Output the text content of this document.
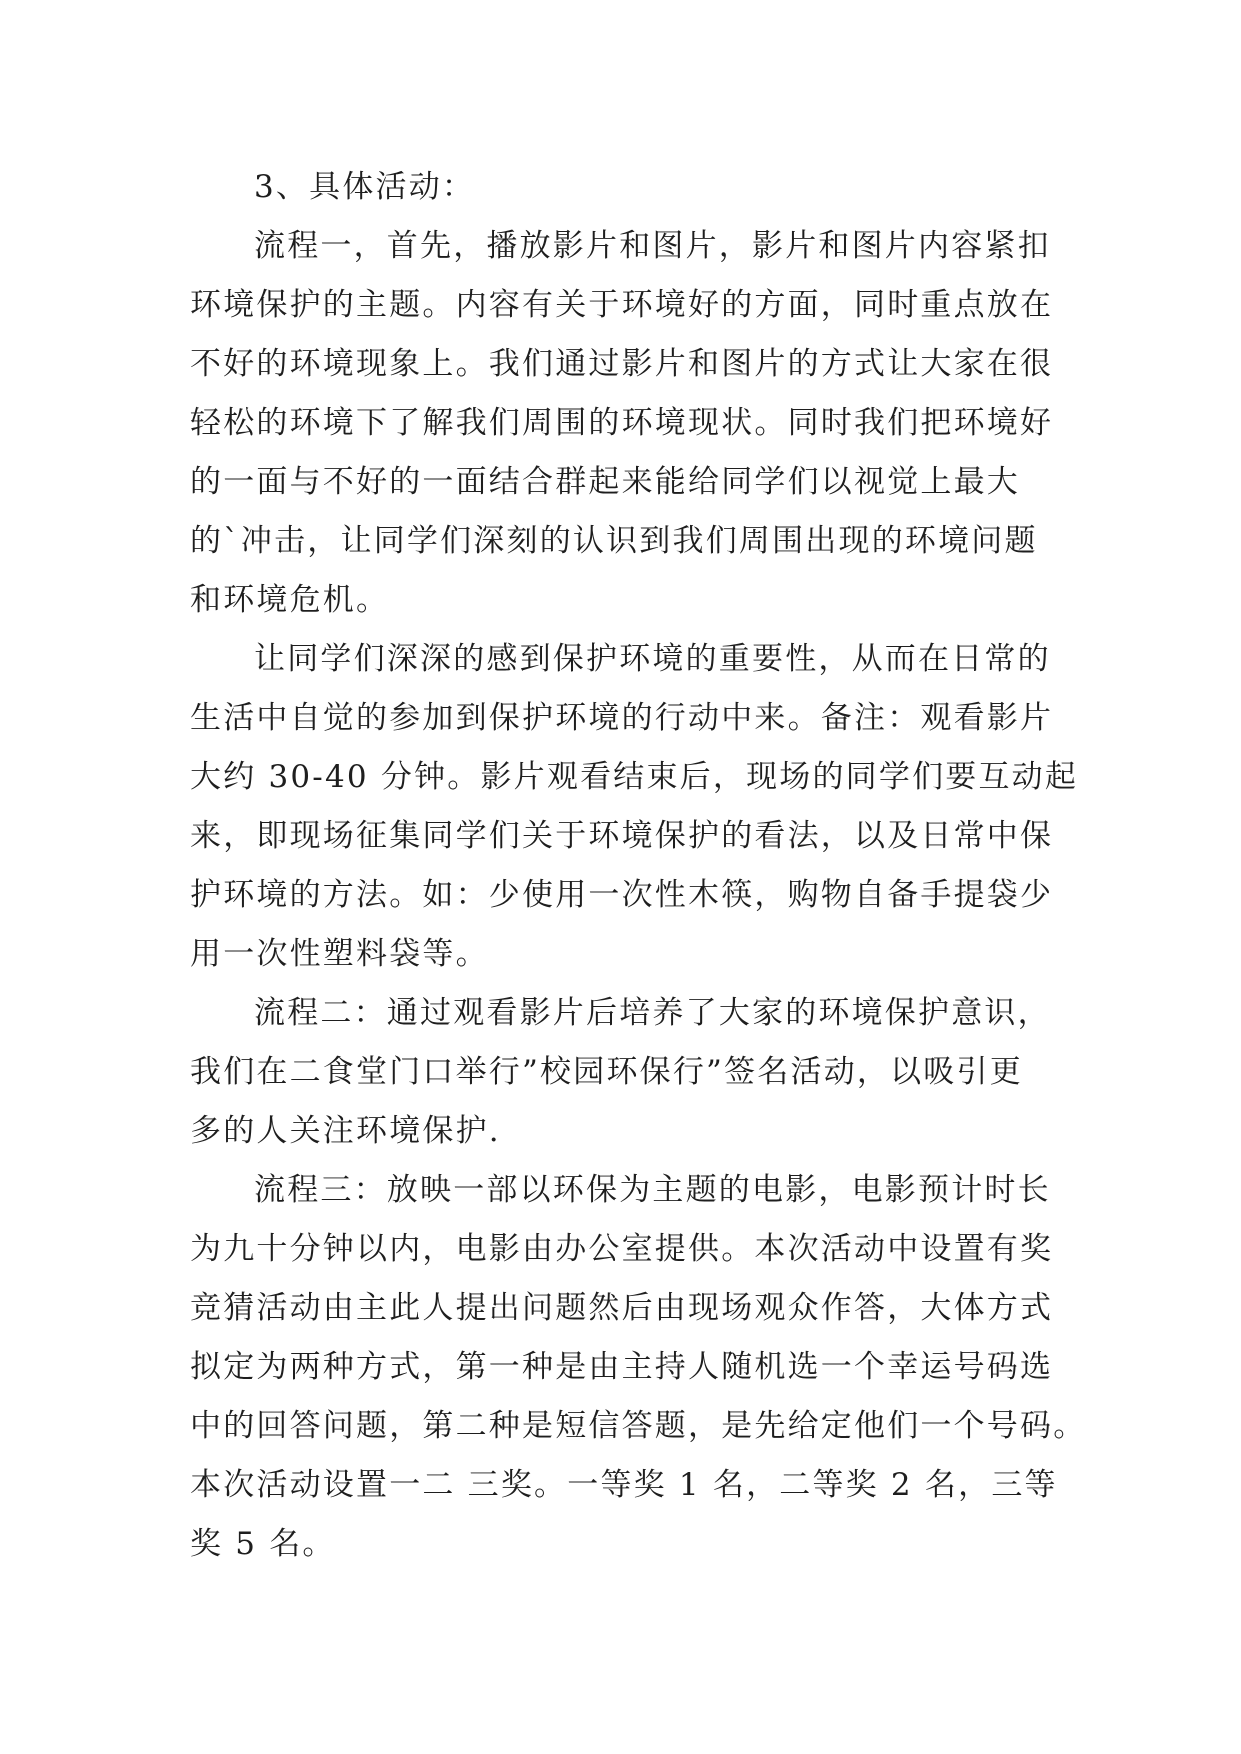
3、具体活动：
流程一，首先，播放影片和图片，影片和图片内容紧扣
环境保护的主题。内容有关于环境好的方面，同时重点放在
不好的环境现象上。我们通过影片和图片的方式让大家在很
轻松的环境下了解我们周围的环境现状。同时我们把环境好
的一面与不好的一面结合群起来能给同学们以视觉上最大
的`冲击，让同学们深刻的认识到我们周围出现的环境问题
和环境危机。
让同学们深深的感到保护环境的重要性，从而在日常的
生活中自觉的参加到保护环境的行动中来。备注：观看影片
大约 30-40 分钟。影片观看结束后，现场的同学们要互动起
来，即现场征集同学们关于环境保护的看法，以及日常中保
护环境的方法。如：少使用一次性木筷，购物自备手提袋少
用一次性塑料袋等。
流程二：通过观看影片后培养了大家的环境保护意识，
我们在二食堂门口举行”校园环保行”签名活动，以吸引更
多的人关注环境保护.
流程三：放映一部以环保为主题的电影，电影预计时长
为九十分钟以内，电影由办公室提供。本次活动中设置有奖
竞猜活动由主此人提出问题然后由现场观众作答，大体方式
拟定为两种方式，第一种是由主持人随机选一个幸运号码选
中的回答问题，第二种是短信答题，是先给定他们一个号码。
本次活动设置一二 三奖。一等奖 1 名，二等奖 2 名，三等
奖 5 名。
